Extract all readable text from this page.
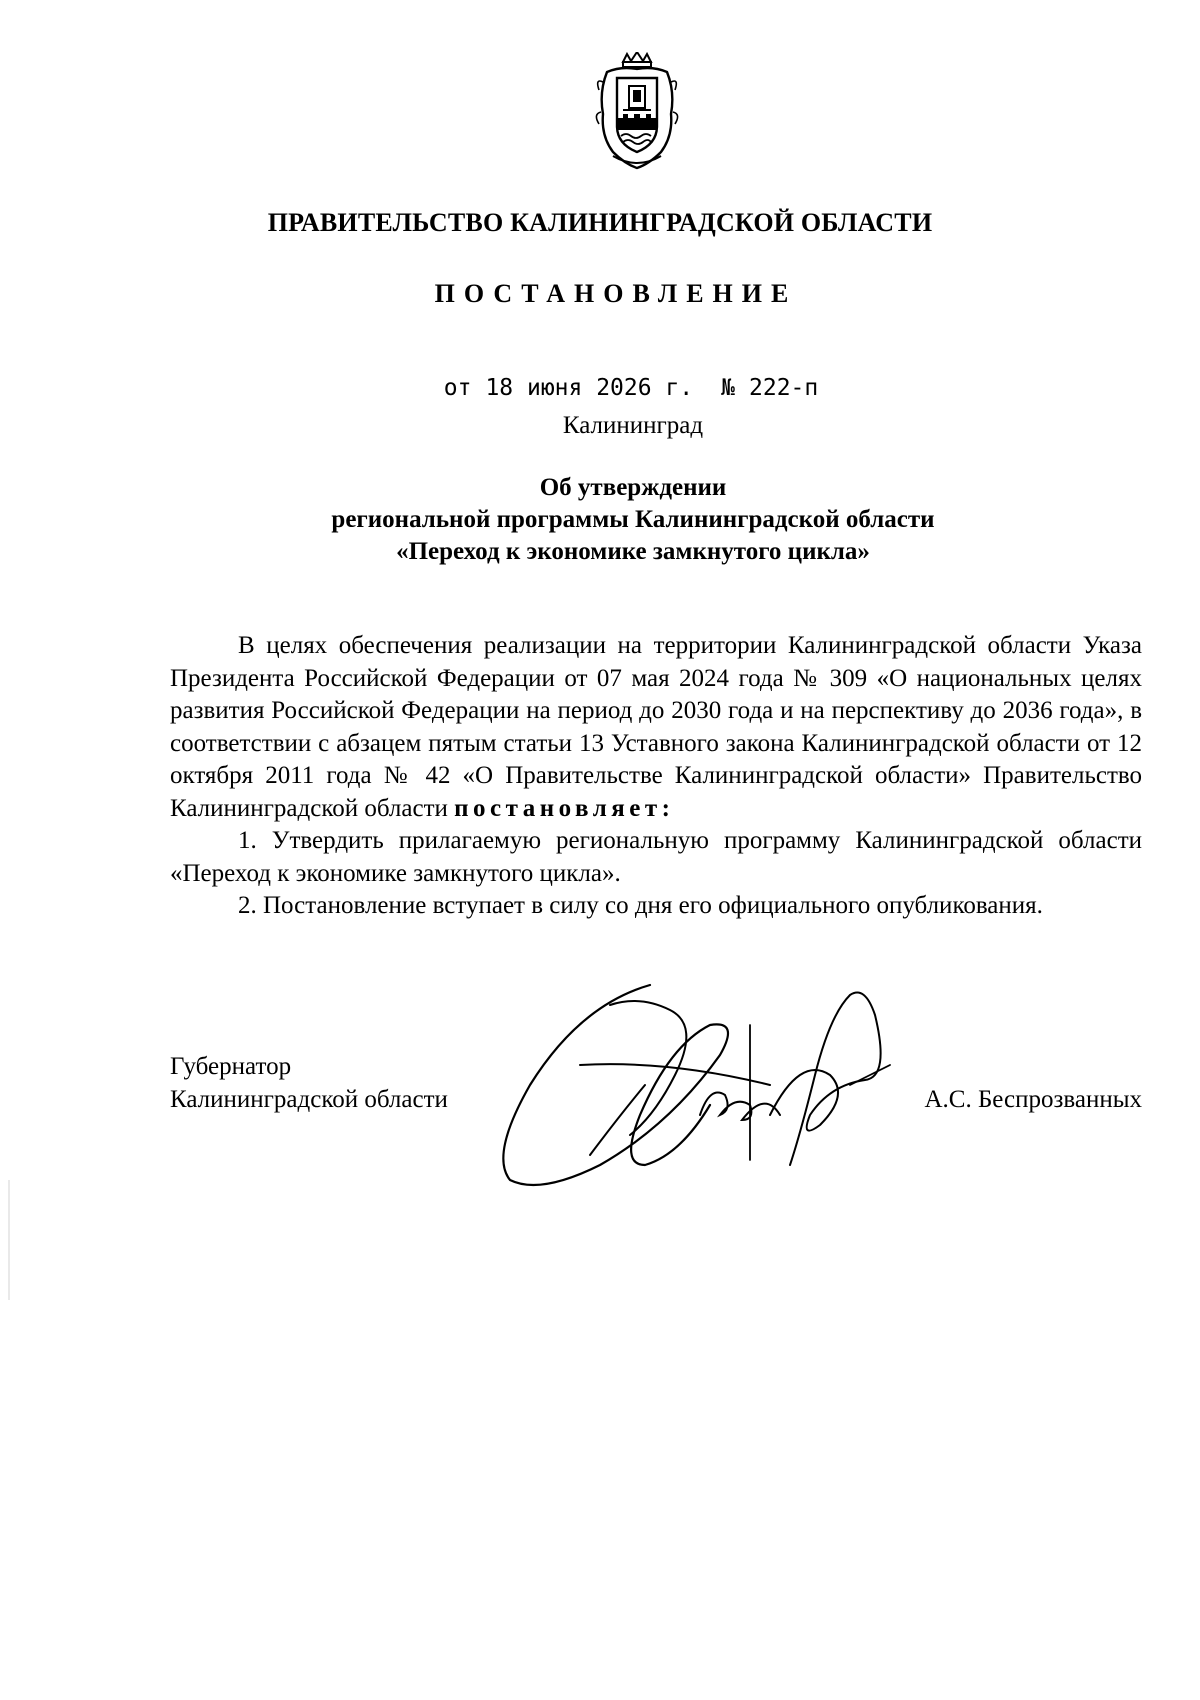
ПРАВИТЕЛЬСТВО КАЛИНИНГРАДСКОЙ ОБЛАСТИ
ПОСТАНОВЛЕНИЕ
от 18 июня 2026 г. № 222-п
Калининград
Об утверждении
региональной программы Калининградской области
«Переход к экономике замкнутого цикла»

В целях обеспечения реализации на территории Калининградской области Указа Президента Российской Федерации от 07 мая 2024 года № 309 «О национальных целях развития Российской Федерации на период до 2030 года и на перспективу до 2036 года», в соответствии с абзацем пятым статьи 13 Уставного закона Калининградской области от 12 октября 2011 года № 42 «О Правительстве Калининградской области» Правительство Калининградской области постановляет:

1. Утвердить прилагаемую региональную программу Калининградской области «Переход к экономике замкнутого цикла».

2. Постановление вступает в силу со дня его официального опубликования.

Губернатор
Калининградской области	А.С. Беспрозванных
